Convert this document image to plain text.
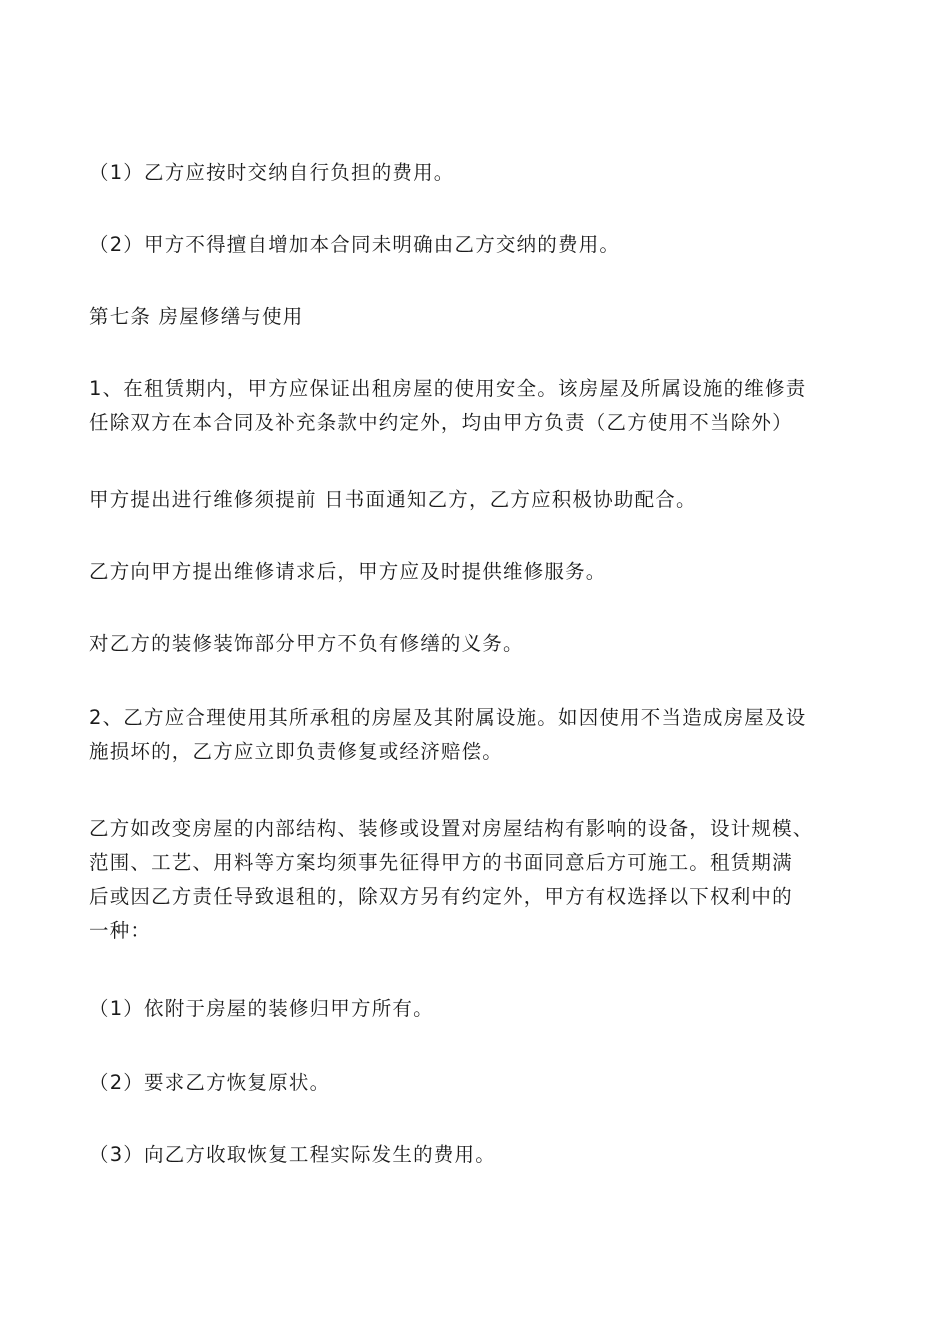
（1）乙方应按时交纳自行负担的费用。

（2）甲方不得擅自增加本合同未明确由乙方交纳的费用。

第七条 房屋修缮与使用

1、在租赁期内，甲方应保证出租房屋的使用安全。该房屋及所属设施的维修责
任除双方在本合同及补充条款中约定外，均由甲方负责（乙方使用不当除外）

甲方提出进行维修须提前 日书面通知乙方，乙方应积极协助配合。

乙方向甲方提出维修请求后，甲方应及时提供维修服务。

对乙方的装修装饰部分甲方不负有修缮的义务。

2、乙方应合理使用其所承租的房屋及其附属设施。如因使用不当造成房屋及设
施损坏的，乙方应立即负责修复或经济赔偿。

乙方如改变房屋的内部结构、装修或设置对房屋结构有影响的设备，设计规模、
范围、工艺、用料等方案均须事先征得甲方的书面同意后方可施工。租赁期满
后或因乙方责任导致退租的，除双方另有约定外，甲方有权选择以下权利中的
一种：

（1）依附于房屋的装修归甲方所有。

（2）要求乙方恢复原状。

（3）向乙方收取恢复工程实际发生的费用。
